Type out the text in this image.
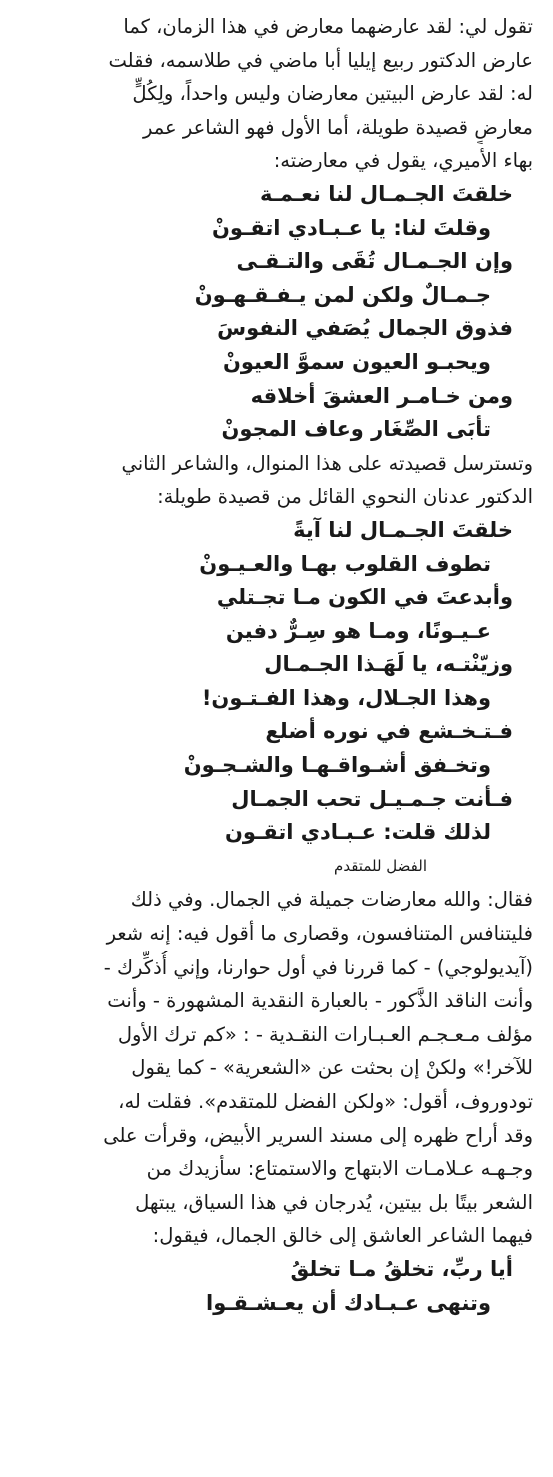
تقول لي: لقد عارضهما معارض في هذا الزمان، كما
عارض الدكتور ربيع إيليا أبا ماضي في طلاسمه، فقلت
له: لقد عارض البيتين معارضان وليس واحداً، ولِكُلٍّ
معارضٍ قصيدة طويلة، أما الأول فهو الشاعر عمر
بهاء الأميري، يقول في معارضته:
خلقتَ الجـمـال لنا نعـمـة
وقلتَ لنا: يا عـبـادي اتقـونْ
وإن الجـمـال تُقَى والتـقـى
جـمـالٌ ولكن لمن يـفـقـهـونْ
فذوق الجمال يُصَفي النفوسَ
ويحبـو العيون سموَّ العيونْ
ومن خـامـر العشقَ أخلاقه
تأبَى الصِّغَار وعاف المجونْ
وتسترسل قصيدته على هذا المنوال، والشاعر الثاني
الدكتور عدنان النحوي القائل من قصيدة طويلة:
خلقتَ الجـمـال لنا آيةً
تطوف القلوب بهـا والعـيـونْ
وأبدعتَ في الكون مـا تجـتلي
عـيـونًا، ومـا هو سِـرٌّ دفين
وزيّنْتـه، يا لَهَـذا الجـمـال
وهذا الجـلال، وهذا الفـتـون!
فـتـخـشع في نوره أضلع
وتخـفق أشـواقـهـا والشـجـونْ
فـأنت جـمـيـل تحب الجمـال
لذلك قلت: عـبـادي اتقـون
الفضل للمتقدم
فقال: والله معارضات جميلة في الجمال. وفي ذلك
فليتنافس المتنافسون، وقصارى ما أقول فيه: إنه شعر
(آيديولوجي) - كما قررنا في أول حوارنا، وإني أُذكِّرك -
وأنت الناقد الذَّكور - بالعبارة النقدية المشهورة - وأنت
مؤلف مـعـجـم العـبـارات النقـدية - : «كم ترك الأول
للآخر!» ولكنْ إن بحثت عن «الشعرية» - كما يقول
تودوروف، أقول: «ولكن الفضل للمتقدم». فقلت له،
وقد أراح ظهره إلى مسند السرير الأبيض، وقرأت على
وجـهـه عـلامـات الابتهاج والاستمتاع: سأزيدك من
الشعر بيتًا بل بيتين، يُدرجان في هذا السياق، يبتهل
فيهما الشاعر العاشق إلى خالق الجمال، فيقول:
أيا ربِّ، تخلقُ مـا تخلقُ
وتنهى عـبـادك أن يعـشـقـوا
